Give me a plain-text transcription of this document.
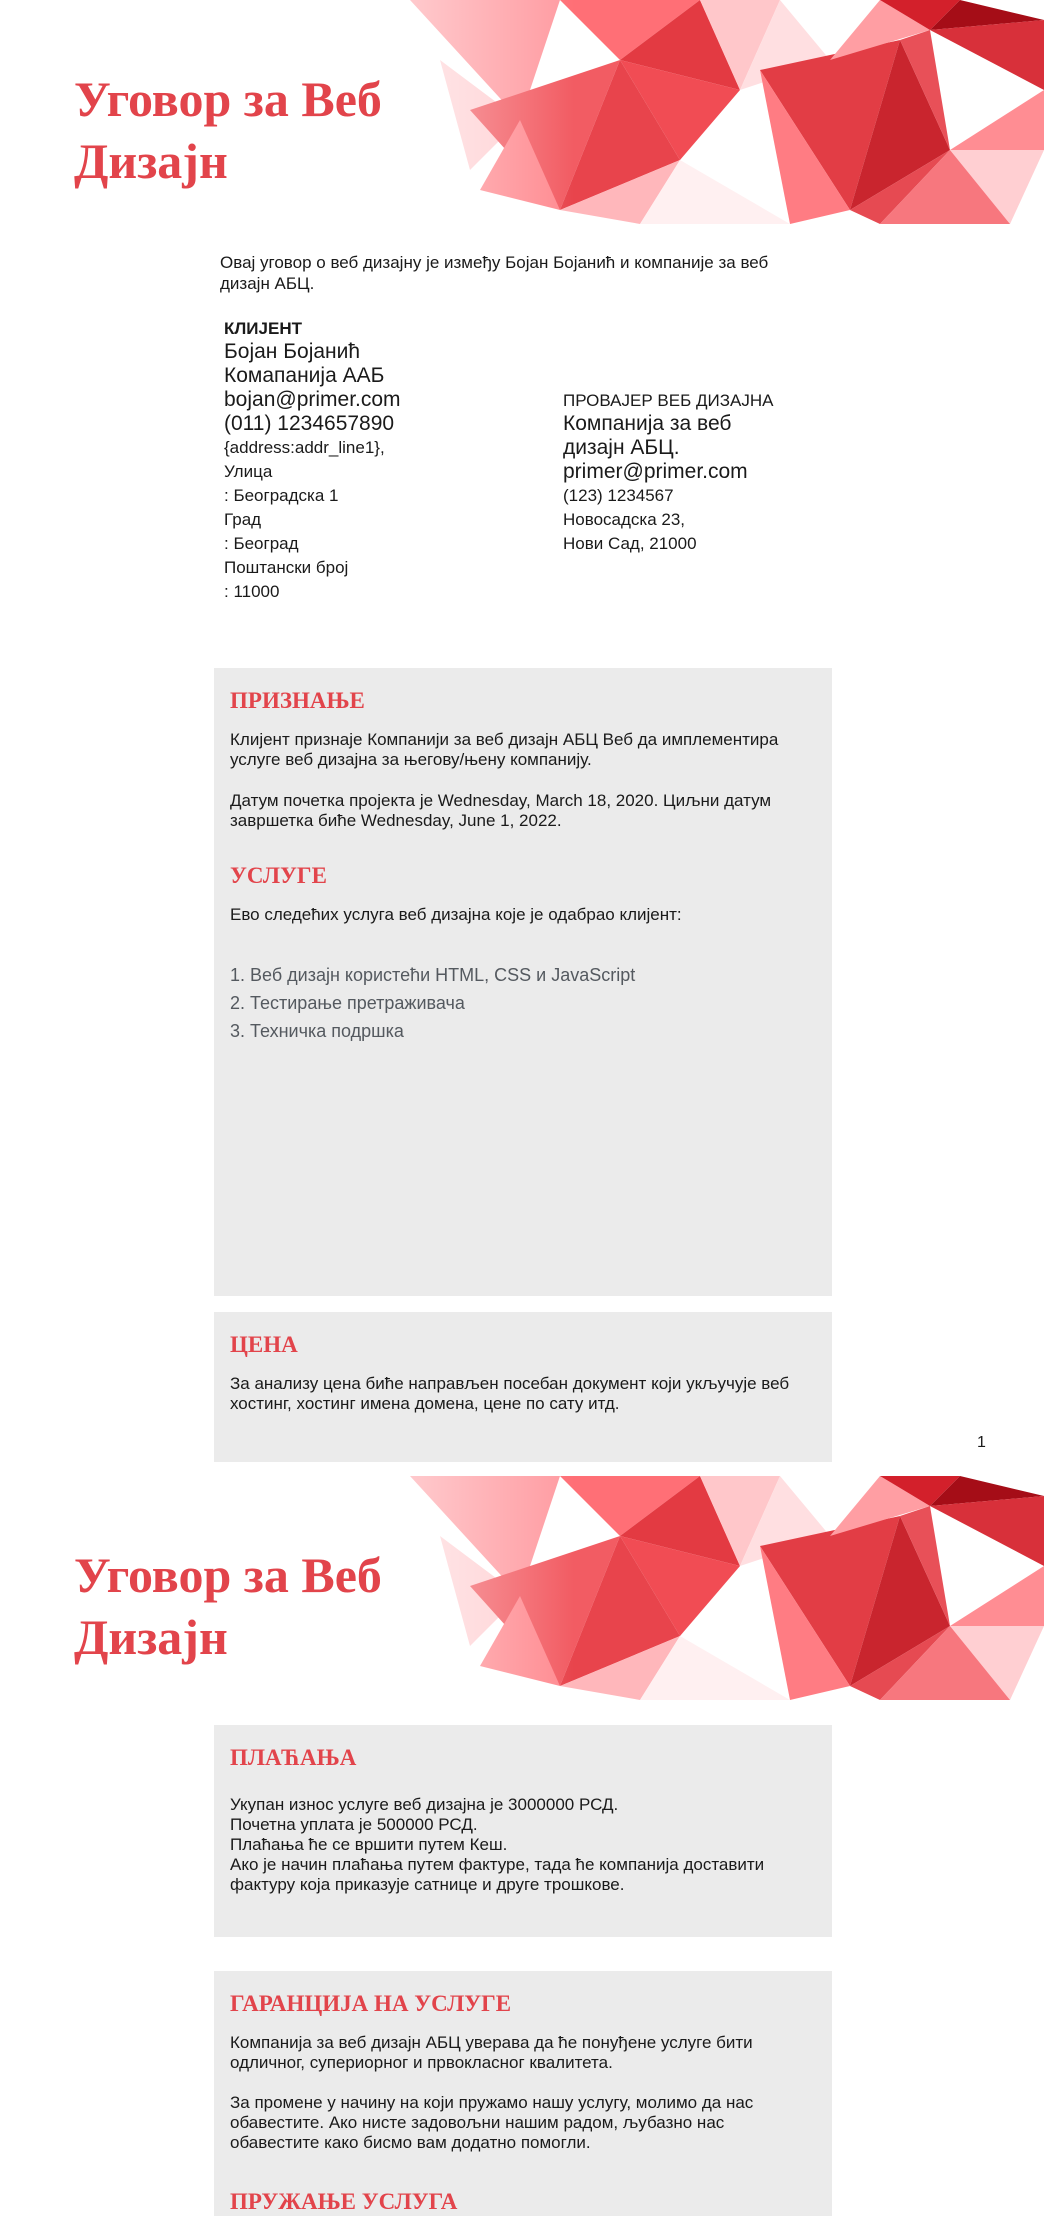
Уговор за Веб Дизајн
Овај уговор о веб дизајну је између Бојан Бојанић и компаније за веб дизајн АБЦ.
КЛИЈЕНТ
Бојан Бојанић
Комапанија ААБ
bojan@primer.com
(011) 1234657890
{address:addr_line1},
Улица
: Београдска 1
Град
: Београд
Поштански број
: 11000
ПРОВАЈЕР ВЕБ ДИЗАЈНА
Компанија за веб
дизајн АБЦ.
primer@primer.com
(123) 1234567
Новосадска 23,
Нови Сад, 21000
ПРИЗНАЊЕ

Клијент признаје Компанији за веб дизајн АБЦ Веб да имплементира услуге веб дизајна за његову/њену компанију.

Датум почетка пројекта је Wednesday, March 18, 2020. Циљни датум завршетка биће Wednesday, June 1, 2022.

УСЛУГЕ

Ево следећих услуга веб дизајна које је одабрао клијент:

1. Веб дизајн користећи HTML, CSS и JavaScript
2. Тестирање претраживача
3. Техничка подршка
ЦЕНА

За анализу цена биће направљен посебан документ који укључује веб хостинг, хостинг имена домена, цене по сату итд.

1
Уговор за Веб Дизајн
ПЛАЋАЊА

Укупан износ услуге веб дизајна је 3000000 РСД.

Почетна уплата је 500000 РСД.

Плаћања ће се вршити путем Кеш.

Ако је начин плаћања путем фактуре, тада ће компанија доставити фактуру која приказује сатнице и друге трошкове.

ГАРАНЦИЈА НА УСЛУГЕ

Компанија за веб дизајн АБЦ уверава да ће понуђене услуге бити одличног, супериорног и првокласног квалитета.

За промене у начину на који пружамо нашу услугу, молимо да нас обавестите. Ако нисте задовољни нашим радом, љубазно нас обавестите како бисмо вам додатно помогли.

ПРУЖАЊЕ УСЛУГА
